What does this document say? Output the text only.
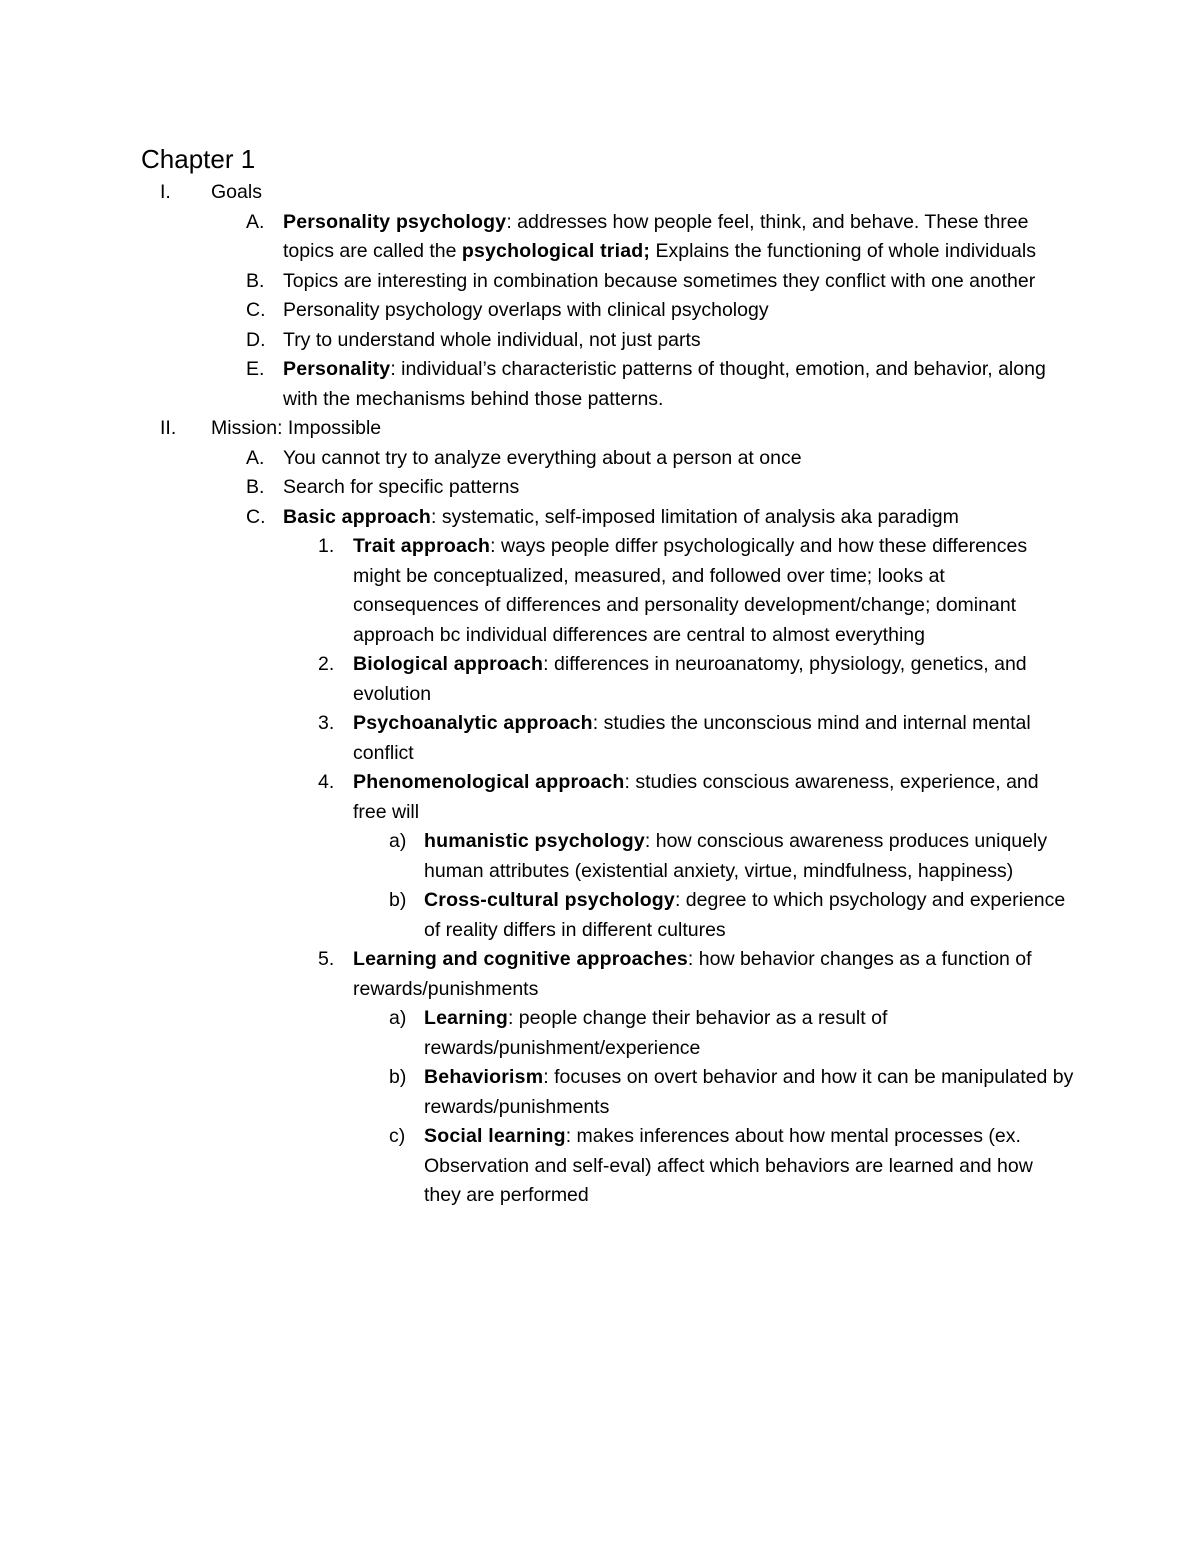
Chapter 1
I. Goals
A. Personality psychology: addresses how people feel, think, and behave. These three topics are called the psychological triad; Explains the functioning of whole individuals
B. Topics are interesting in combination because sometimes they conflict with one another
C. Personality psychology overlaps with clinical psychology
D. Try to understand whole individual, not just parts
E. Personality: individual’s characteristic patterns of thought, emotion, and behavior, along with the mechanisms behind those patterns.
II. Mission: Impossible
A. You cannot try to analyze everything about a person at once
B. Search for specific patterns
C. Basic approach: systematic, self-imposed limitation of analysis aka paradigm
1. Trait approach: ways people differ psychologically and how these differences might be conceptualized, measured, and followed over time; looks at consequences of differences and personality development/change; dominant approach bc individual differences are central to almost everything
2. Biological approach: differences in neuroanatomy, physiology, genetics, and evolution
3. Psychoanalytic approach: studies the unconscious mind and internal mental conflict
4. Phenomenological approach: studies conscious awareness, experience, and free will
a) humanistic psychology: how conscious awareness produces uniquely human attributes (existential anxiety, virtue, mindfulness, happiness)
b) Cross-cultural psychology: degree to which psychology and experience of reality differs in different cultures
5. Learning and cognitive approaches: how behavior changes as a function of rewards/punishments
a) Learning: people change their behavior as a result of rewards/punishment/experience
b) Behaviorism: focuses on overt behavior and how it can be manipulated by rewards/punishments
c) Social learning: makes inferences about how mental processes (ex. Observation and self-eval) affect which behaviors are learned and how they are performed
